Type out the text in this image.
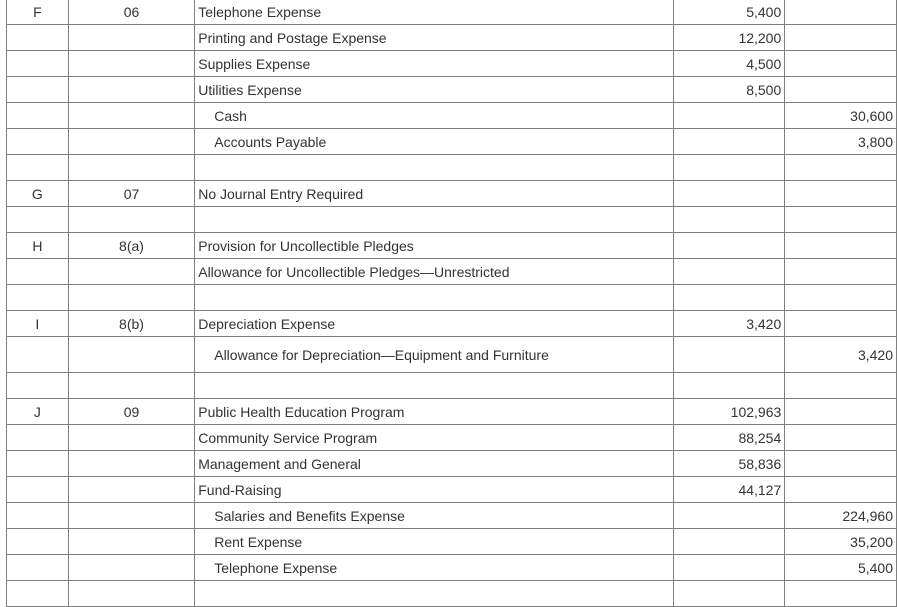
F	06	Telephone Expense	5,400	
		Printing and Postage Expense	12,200	
		Supplies Expense	4,500	
		Utilities Expense	8,500	
		Cash		30,600
		Accounts Payable		3,800

G	07	No Journal Entry Required		

H	8(a)	Provision for Uncollectible Pledges		
		Allowance for Uncollectible Pledges—Unrestricted		

I	8(b)	Depreciation Expense	3,420	
		Allowance for Depreciation—Equipment and Furniture		3,420

J	09	Public Health Education Program	102,963	
		Community Service Program	88,254	
		Management and General	58,836	
		Fund-Raising	44,127	
		Salaries and Benefits Expense		224,960
		Rent Expense		35,200
		Telephone Expense		5,400
